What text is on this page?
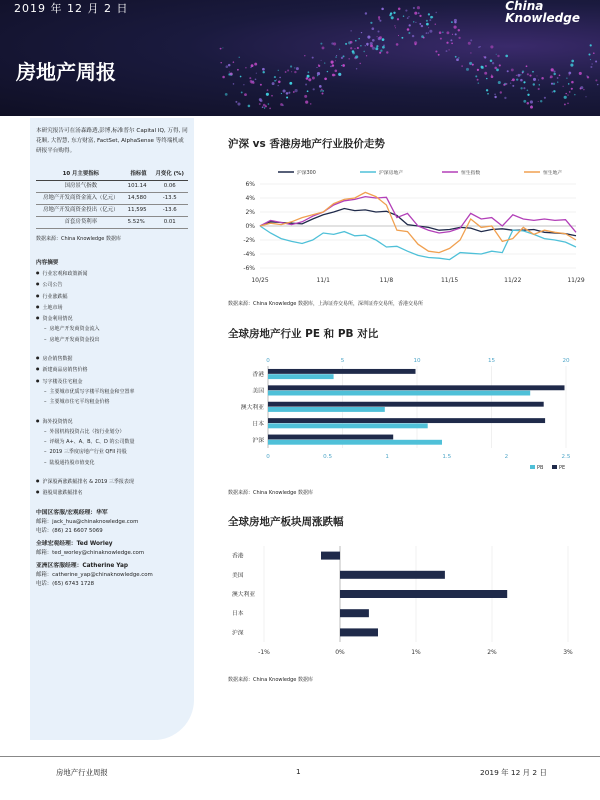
2019 年 12 月 2 日
房地产周报
China
Knowledge
本研究报告可在汤森路透,彭博,标准普尔 Capital IQ, 万得, 同花顺, 大智慧, 东方财富, FactSet, AlphaSense 等终端机或研报平台购得。
10 月主要指标	指标值	月变化 (%)
国房景气指数	101.14	0.06
房地产开发商资金流入（亿元）	14,580	-13.5
房地产开发商资金投出（亿元）	11,595	-13.6
首套房贷利率	5.52%	0.01
数据来源：China Knowledge 数据库
内容摘要
● 行业宏观和政策新闻
● 公司公告
● 行业涨跌幅
● 土地市场
● 资金利用情况
– 房地产开发商资金流入
– 房地产开发商资金投出
● 房企销售数据
● 新建商品房销售价格
● 写字楼及住宅租金
– 主要城市优质写字楼平均租金和空置率
– 主要城市住宅平均租金价格
● 海外投资情况
– 外国机构投资占比（按行业划分）
– 评级为 A+、A、B、C、D 的公司数量
– 2019 三季度房地产行业 QFII 持股
– 陆股通持股市值变化
● 沪深股两涨跌幅排名 & 2019 三季报表现
● 港股周涨跌幅排名
中国区客服/宏观经理：华军
邮箱：jack_hua@chinaknowledge.com
电话：(86) 21 6607 5069
全球宏观经理：Ted Worley
邮箱：ted_worley@chinaknowledge.com
亚洲区客服经理：Catherine Yap
邮箱：catherine_yap@chinaknowledge.com
电话：(65) 6743 1728
沪深 vs 香港房地产行业股价走势
沪深300	沪深房地产	恒生指数	恒生地产
6%
4%
2%
0%
-2%
-4%
-6%
10/25	11/1	11/8	11/15	11/22	11/29
数据来源：China Knowledge 数据库，上海证券交易所，深圳证券交易所，香港交易所
全球房地产行业 PE 和 PB 对比
0	5	10	15	20
0	0.5	1	1.5	2	2.5
香港
美国
澳大利亚
日本
沪深
PB	PE
数据来源：China Knowledge 数据库
全球房地产板块周涨跌幅
-1%	0%	1%	2%	3%
香港
美国
澳大利亚
日本
沪深
数据来源：China Knowledge 数据库
房地产行业周报	1	2019 年 12 月 2 日
